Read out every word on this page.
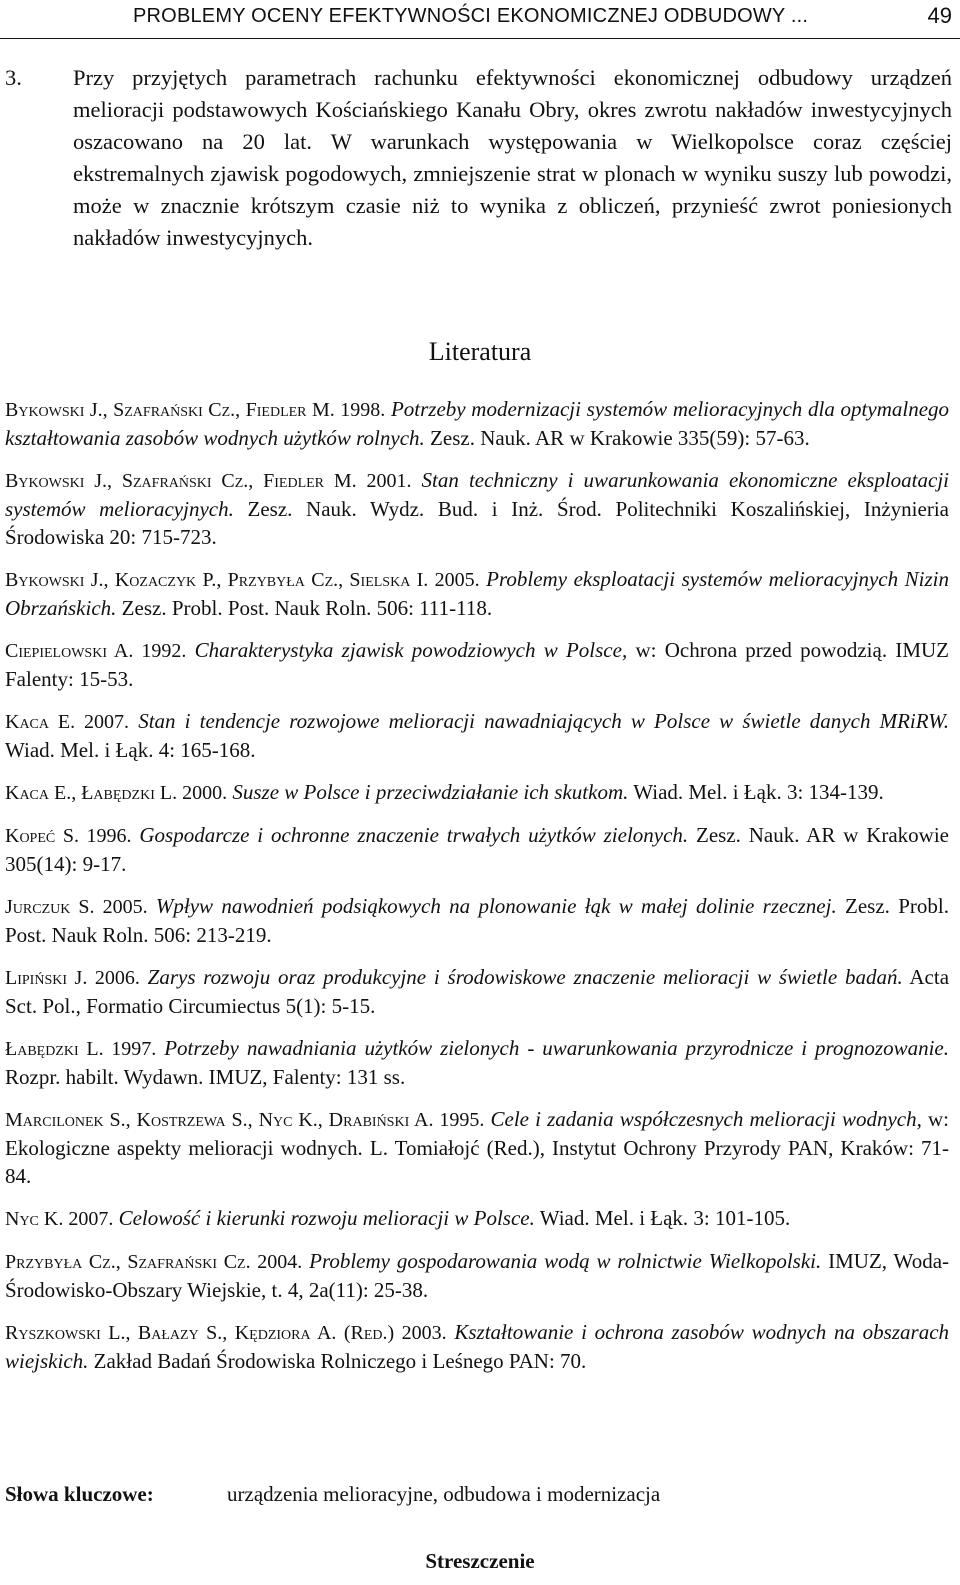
PROBLEMY OCENY EFEKTYWNOŚCI EKONOMICZNEJ ODBUDOWY ...	49
3. Przy przyjętych parametrach rachunku efektywności ekonomicznej odbudowy urządzeń melioracji podstawowych Kościańskiego Kanału Obry, okres zwrotu nakładów inwestycyjnych oszacowano na 20 lat. W warunkach występowania w Wielkopolsce coraz częściej ekstremalnych zjawisk pogodowych, zmniejszenie strat w plonach w wyniku suszy lub powodzi, może w znacznie krótszym czasie niż to wynika z obliczeń, przynieść zwrot poniesionych nakładów inwestycyjnych.
Literatura

Bykowski J., Szafrański Cz., Fiedler M. 1998. Potrzeby modernizacji systemów melioracyjnych dla optymalnego kształtowania zasobów wodnych użytków rolnych. Zesz. Nauk. AR w Krakowie 335(59): 57-63.

Bykowski J., Szafrański Cz., Fiedler M. 2001. Stan techniczny i uwarunkowania ekonomiczne eksploatacji systemów melioracyjnych. Zesz. Nauk. Wydz. Bud. i Inż. Środ. Politechniki Koszalińskiej, Inżynieria Środowiska 20: 715-723.

Bykowski J., Kozaczyk P., Przybyła Cz., Sielska I. 2005. Problemy eksploatacji systemów melioracyjnych Nizin Obrzańskich. Zesz. Probl. Post. Nauk Roln. 506: 111-118.

Ciepielowski A. 1992. Charakterystyka zjawisk powodziowych w Polsce, w: Ochrona przed powodzią. IMUZ Falenty: 15-53.

Kaca E. 2007. Stan i tendencje rozwojowe melioracji nawadniających w Polsce w świetle danych MRiRW. Wiad. Mel. i Łąk. 4: 165-168.

Kaca E., Łabędzki L. 2000. Susze w Polsce i przeciwdziałanie ich skutkom. Wiad. Mel. i Łąk. 3: 134-139.

Kopeć S. 1996. Gospodarcze i ochronne znaczenie trwałych użytków zielonych. Zesz. Nauk. AR w Krakowie 305(14): 9-17.

Jurczuk S. 2005. Wpływ nawodnień podsiąkowych na plonowanie łąk w małej dolinie rzecznej. Zesz. Probl. Post. Nauk Roln. 506: 213-219.

Lipiński J. 2006. Zarys rozwoju oraz produkcyjne i środowiskowe znaczenie melioracji w świetle badań. Acta Sct. Pol., Formatio Circumiectus 5(1): 5-15.

Łabędzki L. 1997. Potrzeby nawadniania użytków zielonych - uwarunkowania przyrodnicze i prognozowanie. Rozpr. habilt. Wydawn. IMUZ, Falenty: 131 ss.

Marcilonek S., Kostrzewa S., Nyc K., Drabiński A. 1995. Cele i zadania współczesnych melioracji wodnych, w: Ekologiczne aspekty melioracji wodnych. L. Tomiałojć (Red.), Instytut Ochrony Przyrody PAN, Kraków: 71-84.

Nyc K. 2007. Celowość i kierunki rozwoju melioracji w Polsce. Wiad. Mel. i Łąk. 3: 101-105.

Przybyła Cz., Szafrański Cz. 2004. Problemy gospodarowania wodą w rolnictwie Wielkopolski. IMUZ, Woda-Środowisko-Obszary Wiejskie, t. 4, 2a(11): 25-38.

Ryszkowski L., Bałazy S., Kędziora A. (Red.) 2003. Kształtowanie i ochrona zasobów wodnych na obszarach wiejskich. Zakład Badań Środowiska Rolniczego i Leśnego PAN: 70.

Słowa kluczowe:	urządzenia melioracyjne, odbudowa i modernizacja
Streszczenie
